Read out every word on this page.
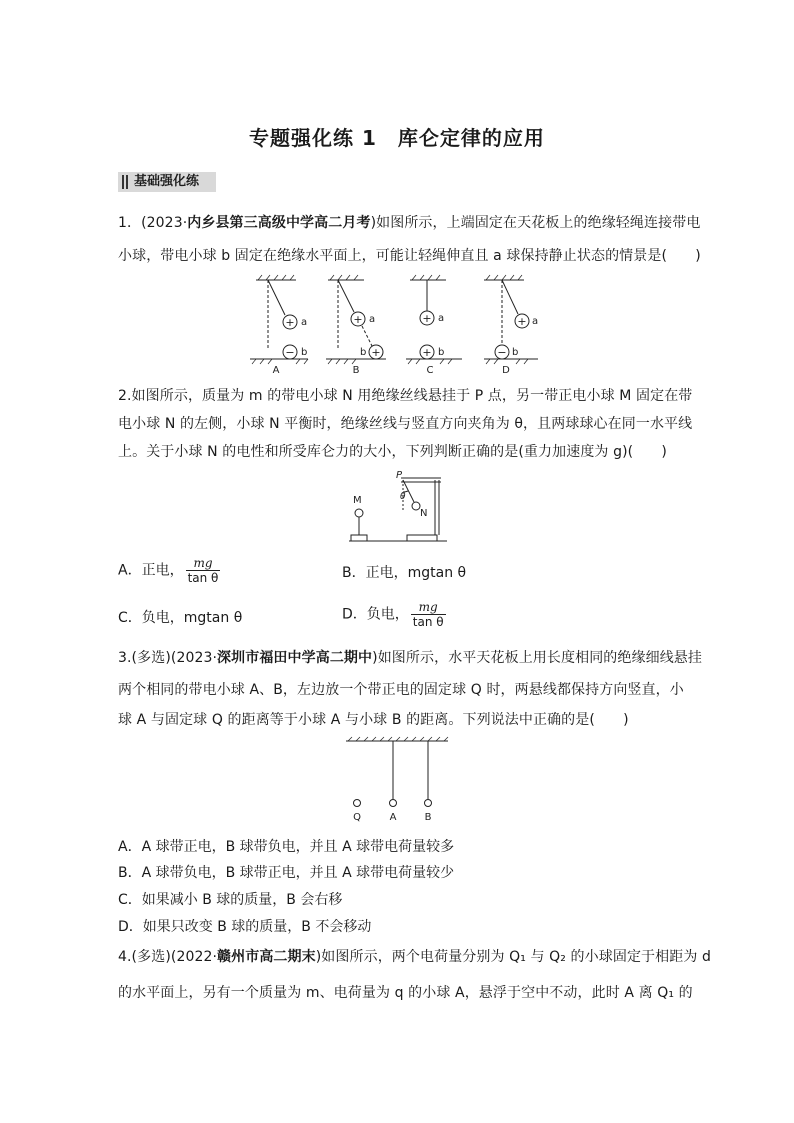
专题强化练 1　库仑定律的应用
基础强化练
1．(2023·内乡县第三高级中学高二月考)如图所示，上端固定在天花板上的绝缘轻绳连接带电
小球，带电小球 b 固定在绝缘水平面上，可能让轻绳伸直且 a 球保持静止状态的情景是(　　)
+
−
+
+
+
+
+
−
a
b
a
b
a
b
a
b
A	B	C	D
2.如图所示，质量为 m 的带电小球 N 用绝缘丝线悬挂于 P 点，另一带正电小球 M 固定在带
电小球 N 的左侧，小球 N 平衡时，绝缘丝线与竖直方向夹角为 θ，且两球球心在同一水平线
上。关于小球 N 的电性和所受库仑力的大小，下列判断正确的是(重力加速度为 g)(　　)
M
N
P
θ
A．正电， $\frac{mg}{\text{tan θ}}$	B．正电，mgtan θ
C．负电，mgtan θ	D．负电， $\frac{mg}{\text{tan θ}}$
3.(多选)(2023·深圳市福田中学高二期中)如图所示，水平天花板上用长度相同的绝缘细线悬挂
两个相同的带电小球 A、B，左边放一个带正电的固定球 Q 时，两悬线都保持方向竖直，小
球 A 与固定球 Q 的距离等于小球 A 与小球 B 的距离。下列说法中正确的是(　　)
Q	A	B
A．A 球带正电，B 球带负电，并且 A 球带电荷量较多
B．A 球带负电，B 球带正电，并且 A 球带电荷量较少
C．如果减小 B 球的质量，B 会右移
D．如果只改变 B 球的质量，B 不会移动
4.(多选)(2022·赣州市高二期末)如图所示，两个电荷量分别为 Q₁ 与 Q₂ 的小球固定于相距为 d
的水平面上，另有一个质量为 m、电荷量为 q 的小球 A，悬浮于空中不动，此时 A 离 Q₁ 的
